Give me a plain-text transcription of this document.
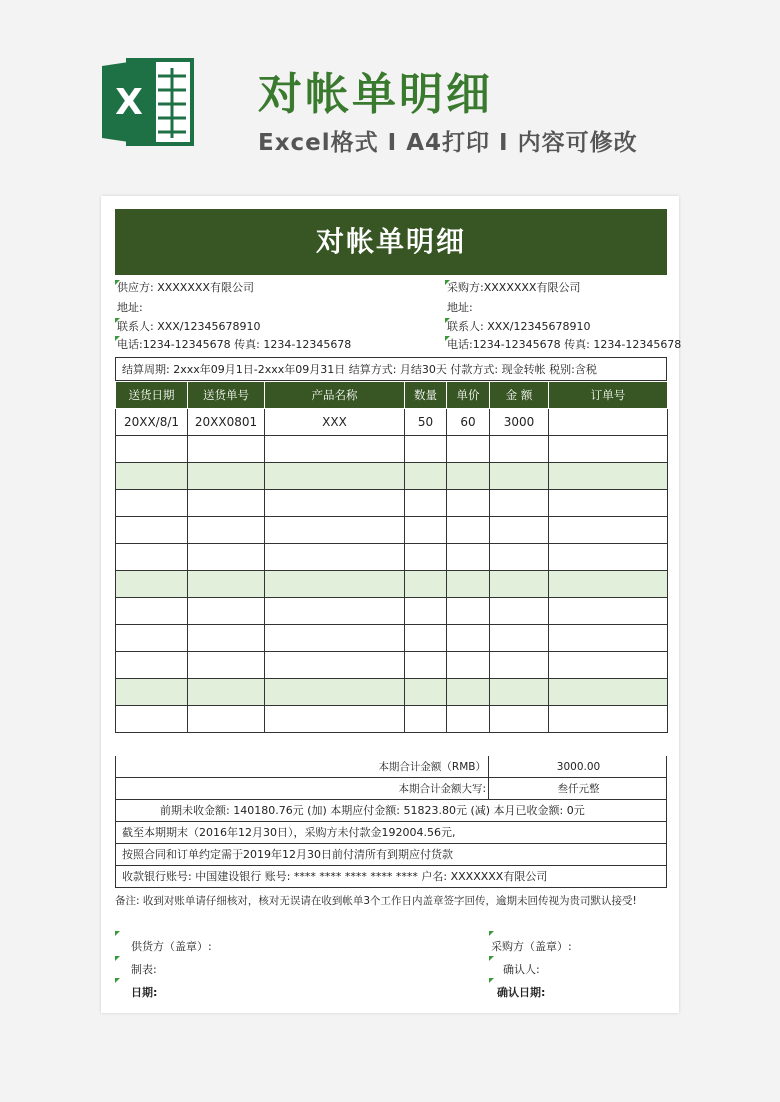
X	对帐单明细
Excel格式 I A4打印 I 内容可修改
对帐单明细
供应方: XXXXXXX有限公司	采购方:XXXXXXX有限公司
地址:	地址:
联系人: XXX/12345678910	联系人: XXX/12345678910
电话:1234-12345678 传真: 1234-12345678	电话:1234-12345678 传真: 1234-12345678
结算周期: 2xxx年09月1日-2xxx年09月31日 结算方式: 月结30天 付款方式: 现金转帐 税别:含税
送货日期	送货单号	产品名称	数量	单价	金 额	订单号
20XX/8/1	20XX0801	XXX	50	60	3000	

本期合计金额（RMB）	3000.00
本期合计金额大写:	叁仟元整
前期未收金额: 140180.76元 (加) 本期应付金额: 51823.80元 (减) 本月已收金额: 0元
截至本期期末（2016年12月30日），采购方未付款金192004.56元,
按照合同和订单约定需于2019年12月30日前付清所有到期应付货款
收款银行账号: 中国建设银行 账号: **** **** **** **** **** 户名: XXXXXXX有限公司
备注: 收到对账单请仔细核对，核对无误请在收到帐单3个工作日内盖章签字回传，逾期未回传视为贵司默认接受!
供货方（盖章）:	采购方（盖章）:
制表:	确认人:
日期:	确认日期:
